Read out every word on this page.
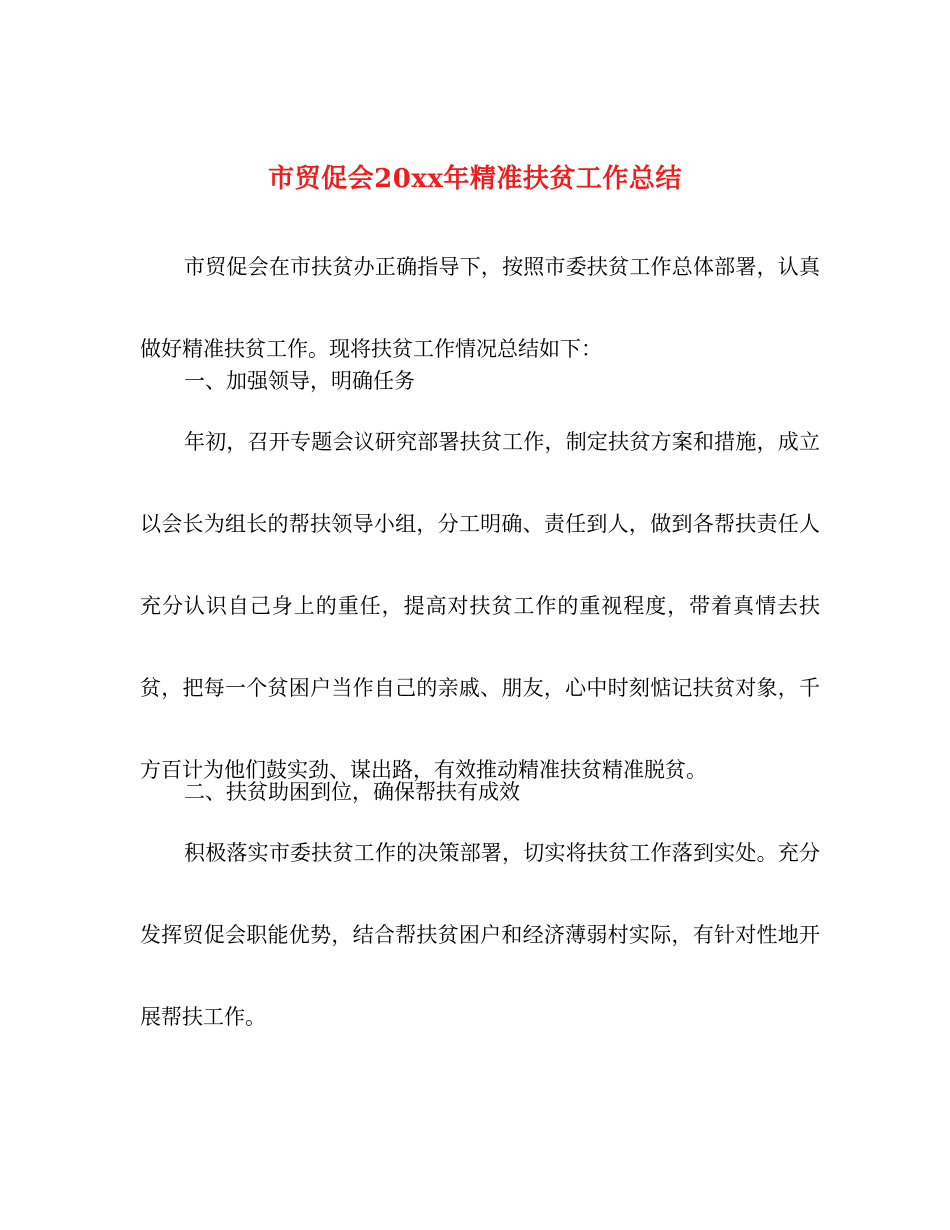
市贸促会20xx年精准扶贫工作总结

市贸促会在市扶贫办正确指导下，按照市委扶贫工作总体部署，认真做好精准扶贫工作。现将扶贫工作情况总结如下：

一、加强领导，明确任务

年初，召开专题会议研究部署扶贫工作，制定扶贫方案和措施，成立以会长为组长的帮扶领导小组，分工明确、责任到人，做到各帮扶责任人充分认识自己身上的重任，提高对扶贫工作的重视程度，带着真情去扶贫，把每一个贫困户当作自己的亲戚、朋友，心中时刻惦记扶贫对象，千方百计为他们鼓实劲、谋出路，有效推动精准扶贫精准脱贫。

二、扶贫助困到位，确保帮扶有成效

积极落实市委扶贫工作的决策部署，切实将扶贫工作落到实处。充分发挥贸促会职能优势，结合帮扶贫困户和经济薄弱村实际，有针对性地开展帮扶工作。
